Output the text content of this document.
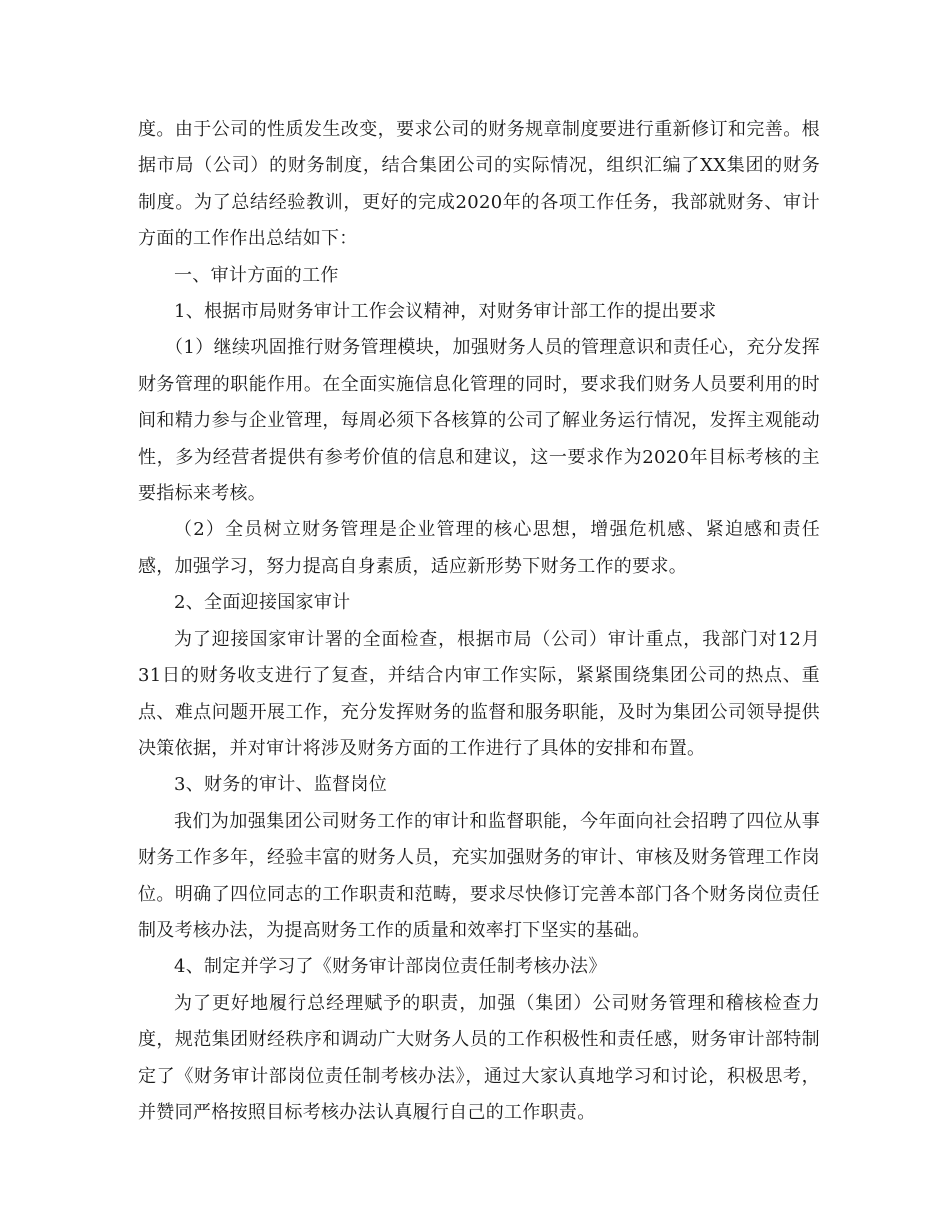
度。由于公司的性质发生改变，要求公司的财务规章制度要进行重新修订和完善。根据市局（公司）的财务制度，结合集团公司的实际情况，组织汇编了XX集团的财务制度。为了总结经验教训，更好的完成2020年的各项工作任务，我部就财务、审计方面的工作作出总结如下：

一、审计方面的工作

1、根据市局财务审计工作会议精神，对财务审计部工作的提出要求

（1）继续巩固推行财务管理模块，加强财务人员的管理意识和责任心，充分发挥财务管理的职能作用。在全面实施信息化管理的同时，要求我们财务人员要利用的时间和精力参与企业管理，每周必须下各核算的公司了解业务运行情况，发挥主观能动性，多为经营者提供有参考价值的信息和建议，这一要求作为2020年目标考核的主要指标来考核。

（2）全员树立财务管理是企业管理的核心思想，增强危机感、紧迫感和责任感，加强学习，努力提高自身素质，适应新形势下财务工作的要求。

2、全面迎接国家审计

为了迎接国家审计署的全面检查，根据市局（公司）审计重点，我部门对12月31日的财务收支进行了复查，并结合内审工作实际，紧紧围绕集团公司的热点、重点、难点问题开展工作，充分发挥财务的监督和服务职能，及时为集团公司领导提供决策依据，并对审计将涉及财务方面的工作进行了具体的安排和布置。

3、财务的审计、监督岗位

我们为加强集团公司财务工作的审计和监督职能，今年面向社会招聘了四位从事财务工作多年，经验丰富的财务人员，充实加强财务的审计、审核及财务管理工作岗位。明确了四位同志的工作职责和范畴，要求尽快修订完善本部门各个财务岗位责任制及考核办法，为提高财务工作的质量和效率打下坚实的基础。

4、制定并学习了《财务审计部岗位责任制考核办法》

为了更好地履行总经理赋予的职责，加强（集团）公司财务管理和稽核检查力度，规范集团财经秩序和调动广大财务人员的工作积极性和责任感，财务审计部特制定了《财务审计部岗位责任制考核办法》，通过大家认真地学习和讨论，积极思考，并赞同严格按照目标考核办法认真履行自己的工作职责。
